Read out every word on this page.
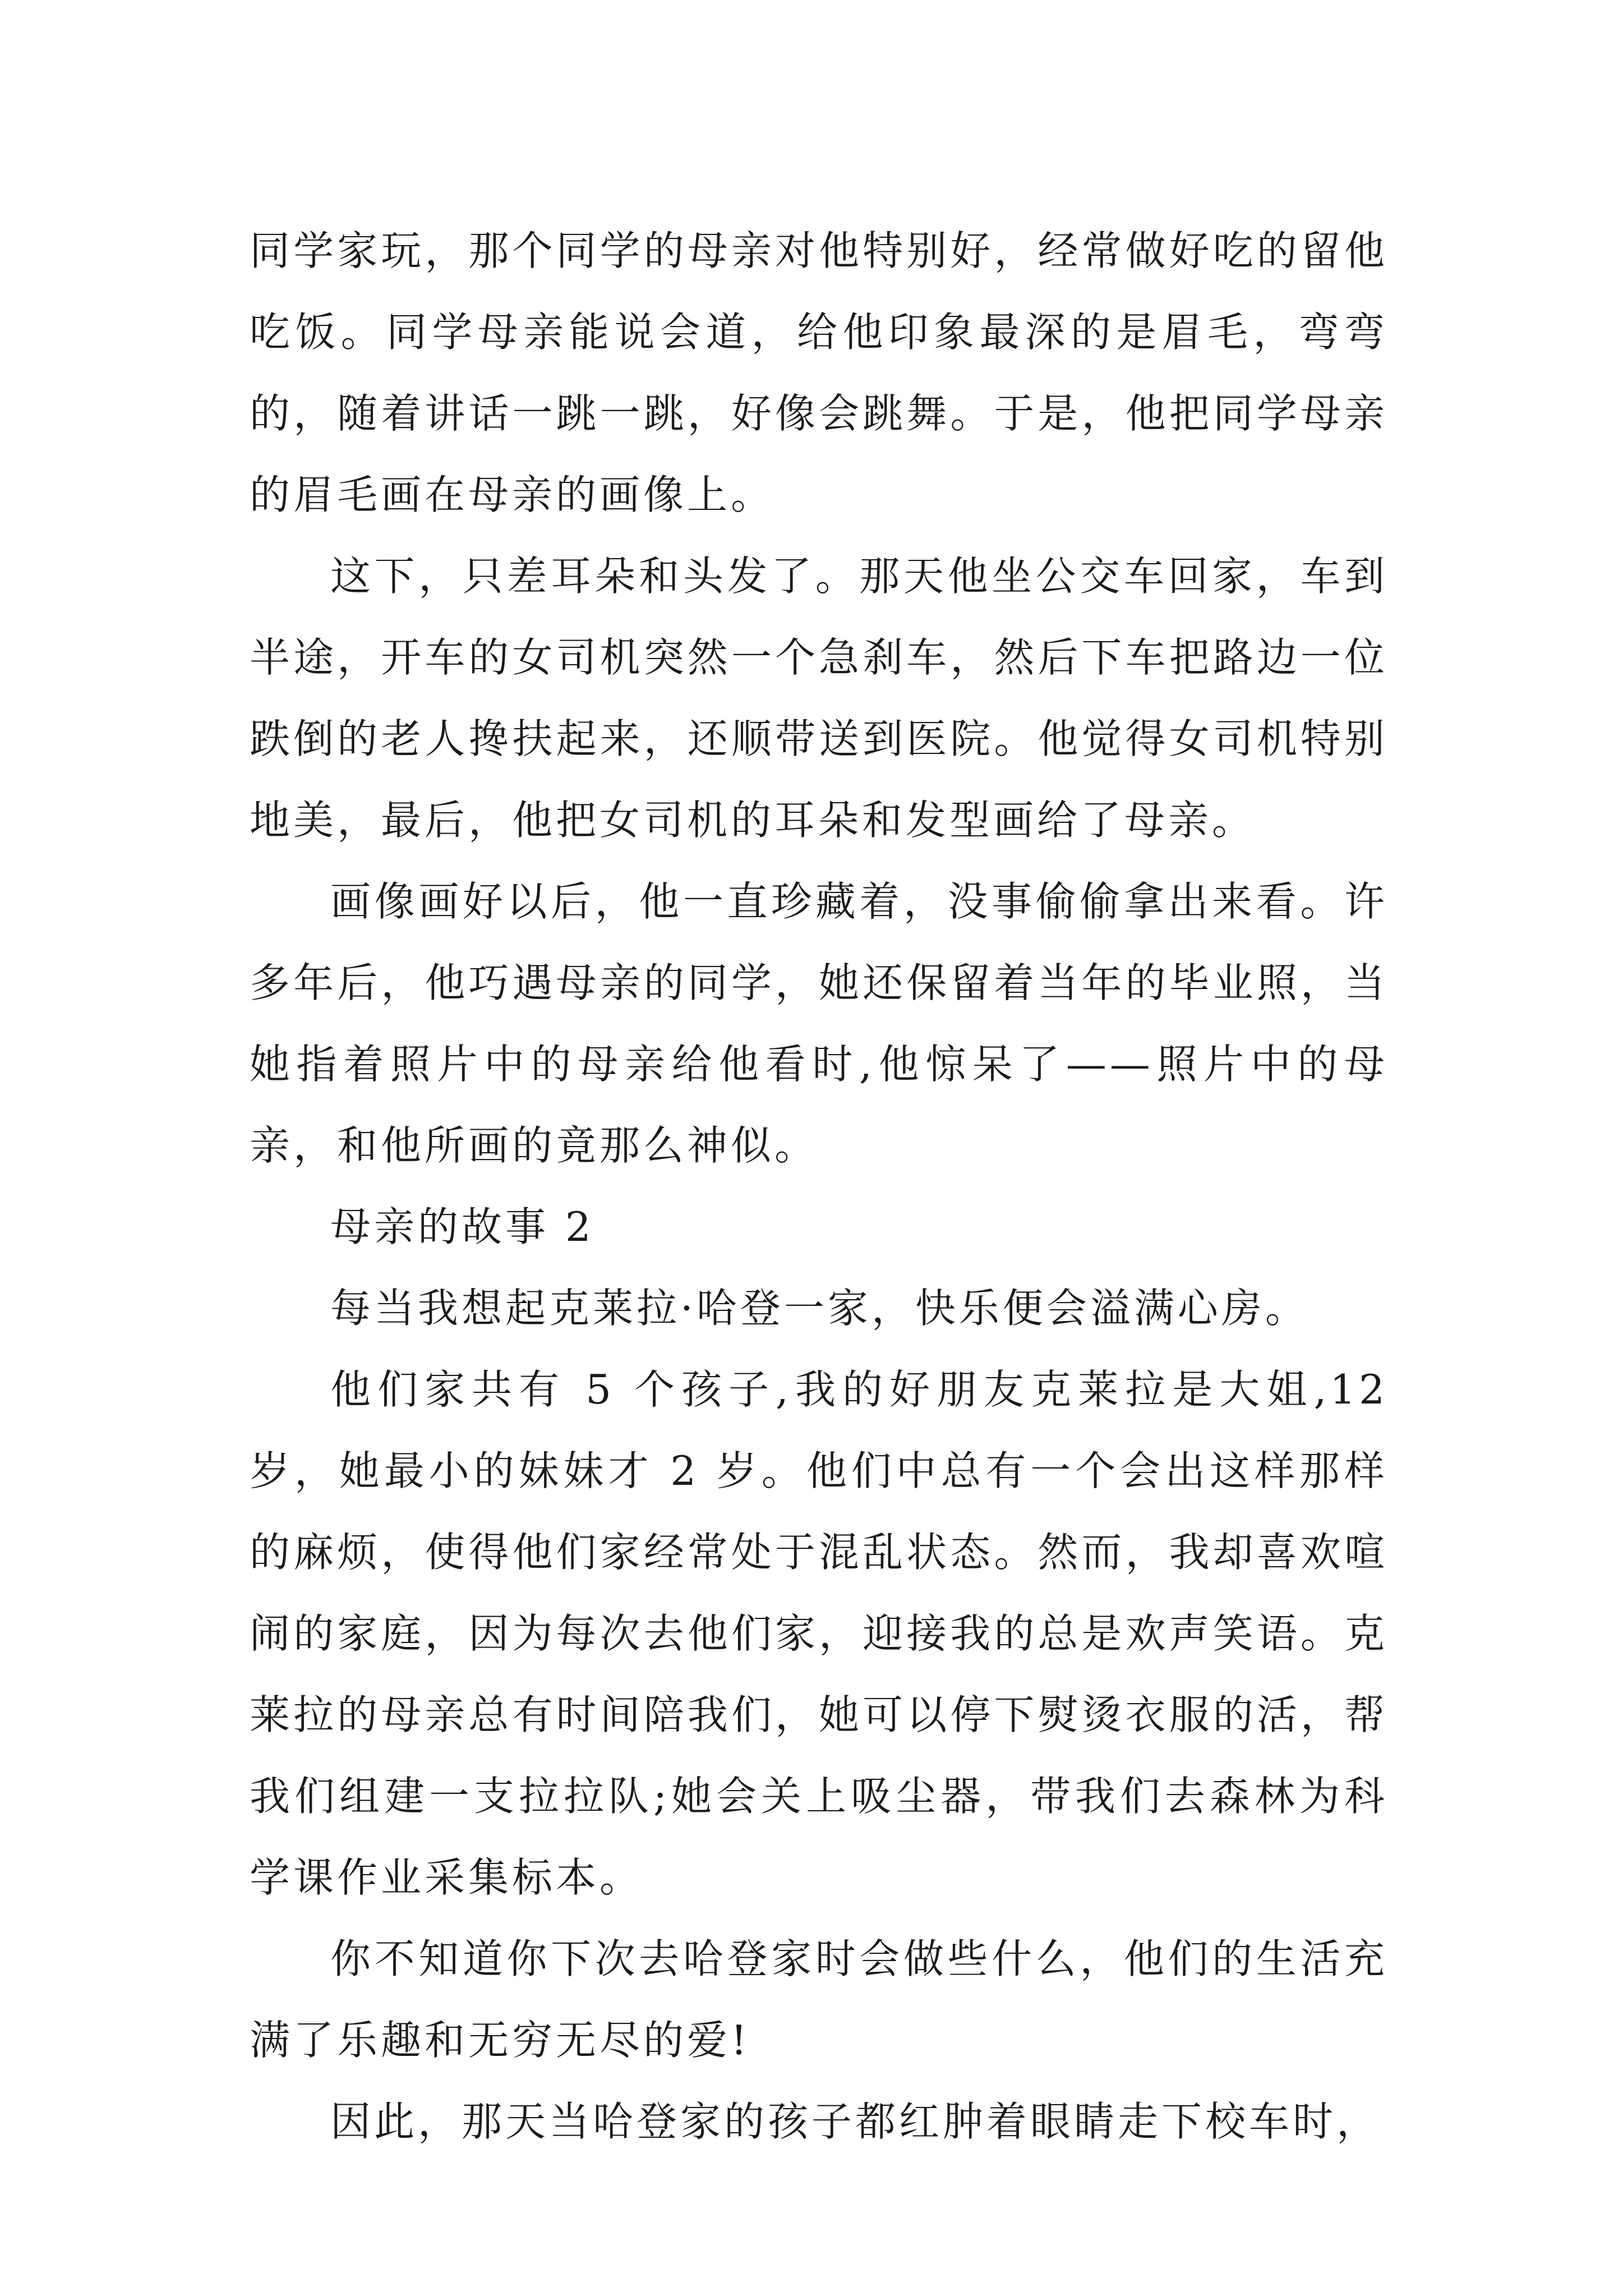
同学家玩，那个同学的母亲对他特别好，经常做好吃的留他吃饭。同学母亲能说会道，给他印象最深的是眉毛，弯弯的，随着讲话一跳一跳，好像会跳舞。于是，他把同学母亲的眉毛画在母亲的画像上。

这下，只差耳朵和头发了。那天他坐公交车回家，车到半途，开车的女司机突然一个急刹车，然后下车把路边一位跌倒的老人搀扶起来，还顺带送到医院。他觉得女司机特别地美，最后，他把女司机的耳朵和发型画给了母亲。

画像画好以后，他一直珍藏着，没事偷偷拿出来看。许多年后，他巧遇母亲的同学，她还保留着当年的毕业照，当她指着照片中的母亲给他看时,他惊呆了——照片中的母亲，和他所画的竟那么神似。

母亲的故事 2

每当我想起克莱拉·哈登一家，快乐便会溢满心房。

他们家共有 5 个孩子,我的好朋友克莱拉是大姐,12 岁，她最小的妹妹才 2 岁。他们中总有一个会出这样那样的麻烦，使得他们家经常处于混乱状态。然而，我却喜欢喧闹的家庭，因为每次去他们家，迎接我的总是欢声笑语。克莱拉的母亲总有时间陪我们，她可以停下熨烫衣服的活，帮我们组建一支拉拉队;她会关上吸尘器，带我们去森林为科学课作业采集标本。

你不知道你下次去哈登家时会做些什么，他们的生活充满了乐趣和无穷无尽的爱!

因此，那天当哈登家的孩子都红肿着眼睛走下校车时，
